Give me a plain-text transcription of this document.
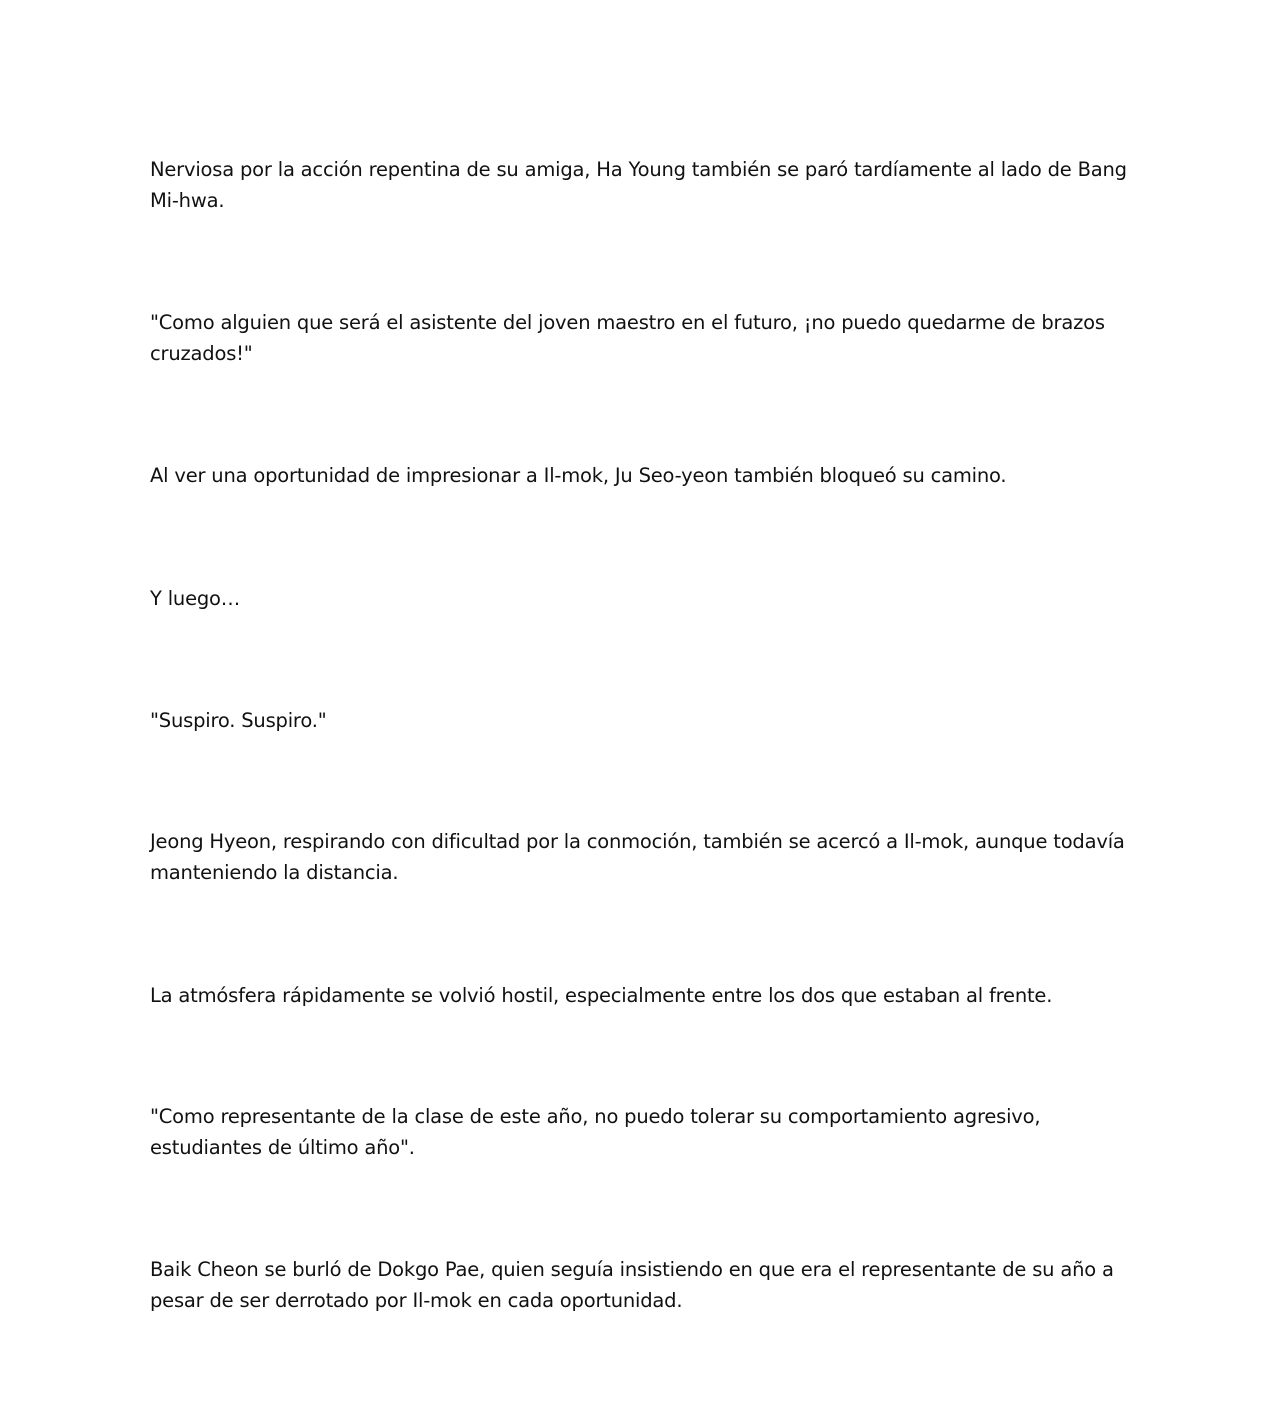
Nerviosa por la acción repentina de su amiga, Ha Young también se paró tardíamente al lado de Bang Mi-hwa.

"Como alguien que será el asistente del joven maestro en el futuro, ¡no puedo quedarme de brazos cruzados!"

Al ver una oportunidad de impresionar a Il-mok, Ju Seo-yeon también bloqueó su camino.

Y luego…

"Suspiro. Suspiro."

Jeong Hyeon, respirando con dificultad por la conmoción, también se acercó a Il-mok, aunque todavía manteniendo la distancia.

La atmósfera rápidamente se volvió hostil, especialmente entre los dos que estaban al frente.

"Como representante de la clase de este año, no puedo tolerar su comportamiento agresivo, estudiantes de último año".

Baik Cheon se burló de Dokgo Pae, quien seguía insistiendo en que era el representante de su año a pesar de ser derrotado por Il-mok en cada oportunidad.
